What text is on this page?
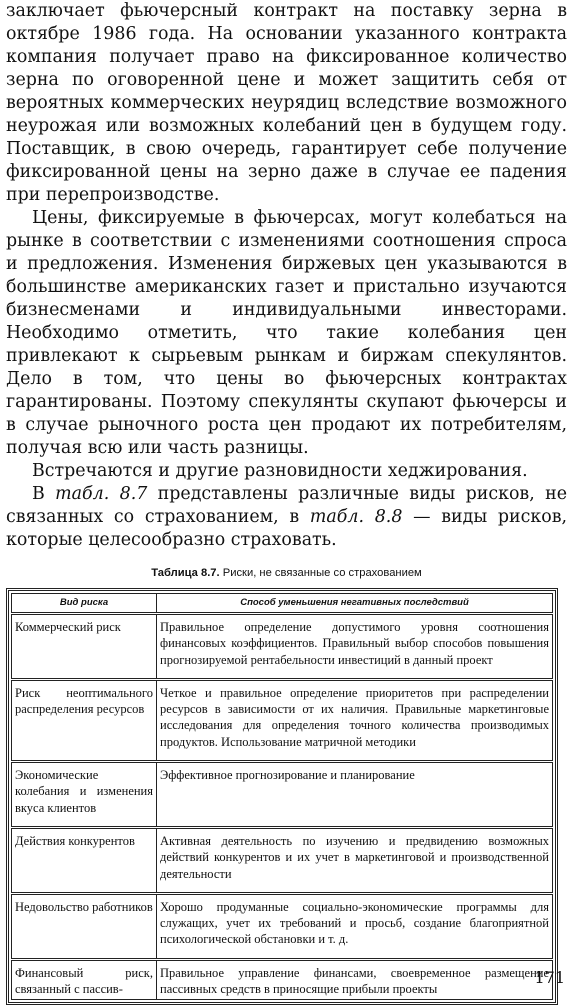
заключает фьючерсный контракт на поставку зерна в октябре 1986 года. На основании указанного контракта компания получает право на фиксированное количество зерна по оговоренной цене и может защитить себя от вероятных коммерческих неурядиц вследствие возможного неурожая или возможных колебаний цен в будущем году. Поставщик, в свою очередь, гарантирует себе получение фиксированной цены на зерно даже в случае ее падения при перепроизводстве.

Цены, фиксируемые в фьючерсах, могут колебаться на рынке в соответствии с изменениями соотношения спроса и предложения. Изменения биржевых цен указываются в большинстве американских газет и пристально изучаются бизнесменами и индивидуальными инвесторами. Необходимо отметить, что такие колебания цен привлекают к сырьевым рынкам и биржам спекулянтов. Дело в том, что цены во фьючерсных контрактах гарантированы. Поэтому спекулянты скупают фьючерсы и в случае рыночного роста цен продают их потребителям, получая всю или часть разницы.

Встречаются и другие разновидности хеджирования.

В табл. 8.7 представлены различные виды рисков, не связанных со страхованием, в табл. 8.8 — виды рисков, которые целесообразно страховать.

Таблица 8.7. Риски, не связанные со страхованием
Вид риска	Способ уменьшения негативных последствий
Коммерческий риск	Правильное определение допустимого уровня соотношения финансовых коэффициентов. Правильный выбор способов повышения прогнозируемой рентабельности инвестиций в данный проект
Риск неоптимального распределения ресурсов	Четкое и правильное определение приоритетов при распределении ресурсов в зависимости от их наличия. Правильные маркетинговые исследования для определения точного количества производимых продуктов. Использование матричной методики
Экономические колебания и изменения вкуса клиентов	Эффективное прогнозирование и планирование
Действия конкурентов	Активная деятельность по изучению и предвидению возможных действий конкурентов и их учет в маркетинговой и производственной деятельности
Недовольство работников	Хорошо продуманные социально-экономические программы для служащих, учет их требований и просьб, создание благоприятной психологической обстановки и т. д.
Финансовый риск, связанный с пассив-	Правильное управление финансами, своевременное размещение пассивных средств в приносящие прибыли проекты
171
